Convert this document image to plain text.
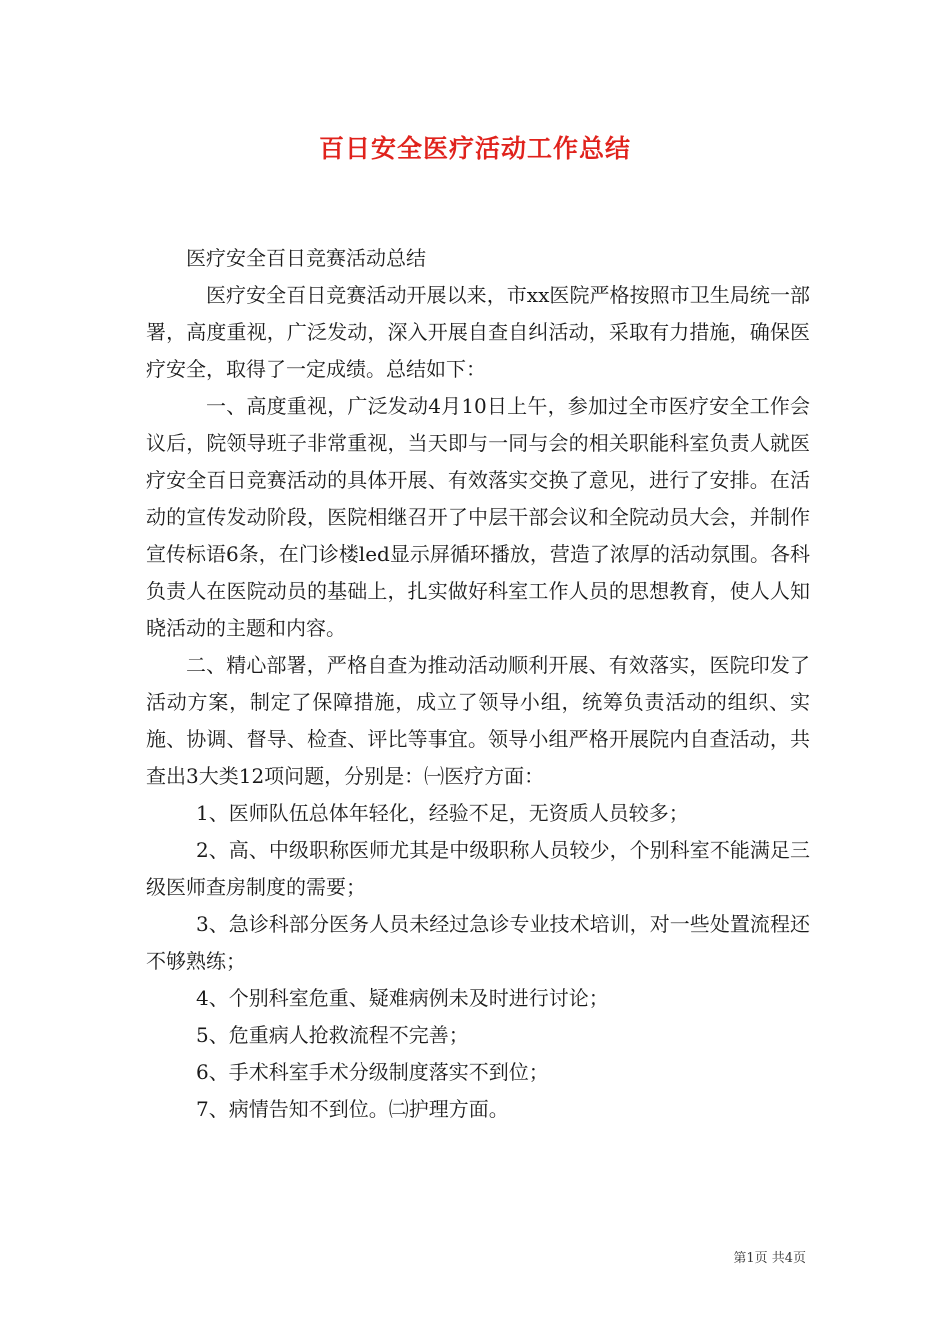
百日安全医疗活动工作总结

医疗安全百日竞赛活动总结

医疗安全百日竞赛活动开展以来，市xx医院严格按照市卫生局统一部署，高度重视，广泛发动，深入开展自查自纠活动，采取有力措施，确保医疗安全，取得了一定成绩。总结如下：

一、高度重视，广泛发动4月10日上午，参加过全市医疗安全工作会议后，院领导班子非常重视，当天即与一同与会的相关职能科室负责人就医疗安全百日竞赛活动的具体开展、有效落实交换了意见，进行了安排。在活动的宣传发动阶段，医院相继召开了中层干部会议和全院动员大会，并制作宣传标语6条，在门诊楼led显示屏循环播放，营造了浓厚的活动氛围。各科负责人在医院动员的基础上，扎实做好科室工作人员的思想教育，使人人知晓活动的主题和内容。

二、精心部署，严格自查为推动活动顺利开展、有效落实，医院印发了活动方案，制定了保障措施，成立了领导小组，统筹负责活动的组织、实施、协调、督导、检查、评比等事宜。领导小组严格开展院内自查活动，共查出3大类12项问题，分别是：㈠医疗方面：

1、医师队伍总体年轻化，经验不足，无资质人员较多；

2、高、中级职称医师尤其是中级职称人员较少，个别科室不能满足三级医师查房制度的需要；

3、急诊科部分医务人员未经过急诊专业技术培训，对一些处置流程还不够熟练；

4、个别科室危重、疑难病例未及时进行讨论；

5、危重病人抢救流程不完善；

6、手术科室手术分级制度落实不到位；

7、病情告知不到位。㈡护理方面。

第1页 共4页
